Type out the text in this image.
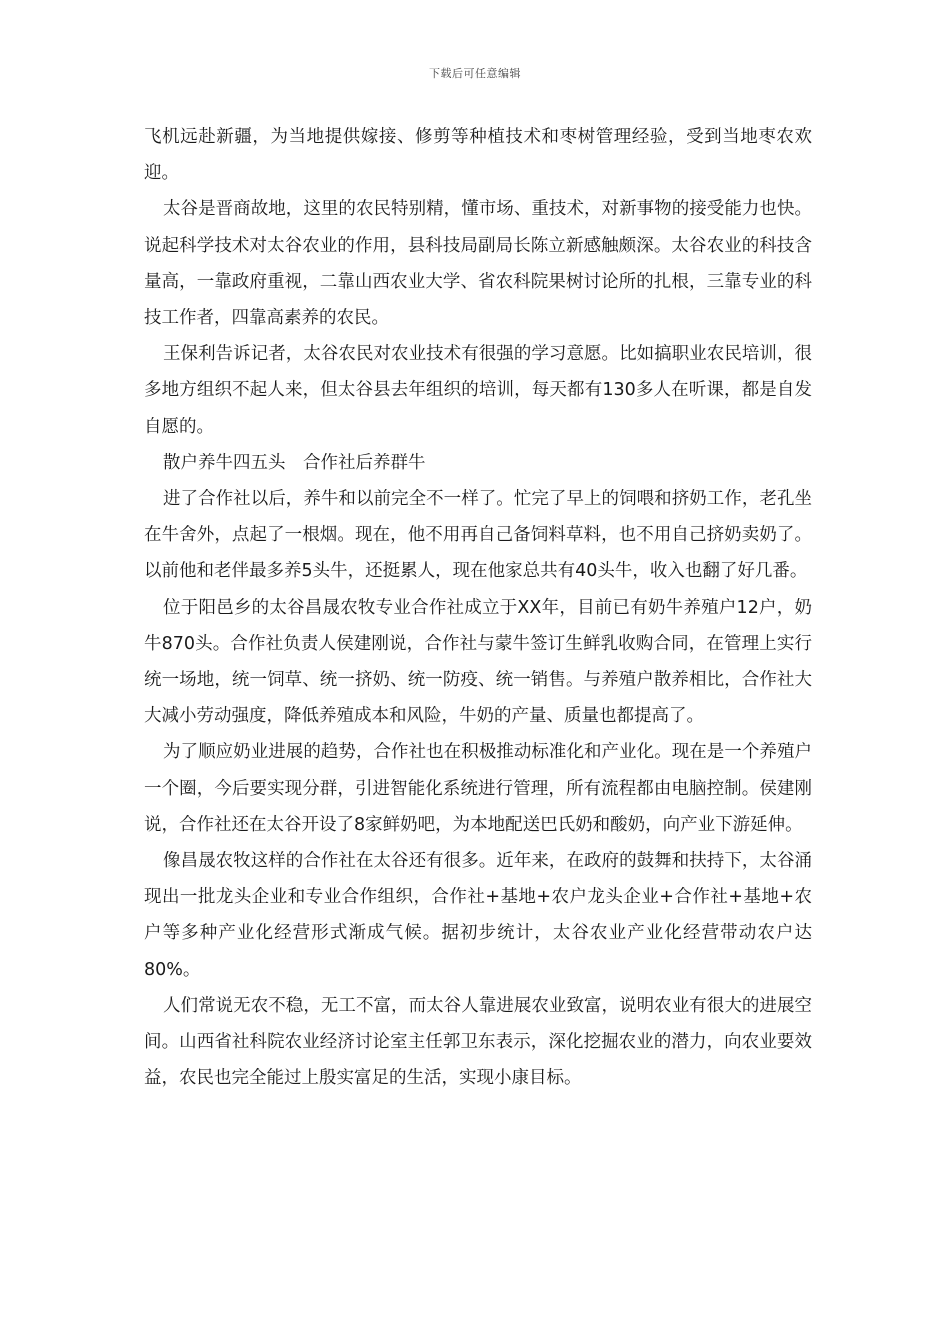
下载后可任意编辑

飞机远赴新疆，为当地提供嫁接、修剪等种植技术和枣树管理经验，受到当地枣农欢迎。

太谷是晋商故地，这里的农民特别精，懂市场、重技术，对新事物的接受能力也快。说起科学技术对太谷农业的作用，县科技局副局长陈立新感触颇深。太谷农业的科技含量高，一靠政府重视，二靠山西农业大学、省农科院果树讨论所的扎根，三靠专业的科技工作者，四靠高素养的农民。

王保利告诉记者，太谷农民对农业技术有很强的学习意愿。比如搞职业农民培训，很多地方组织不起人来，但太谷县去年组织的培训，每天都有130多人在听课，都是自发自愿的。

散户养牛四五头　合作社后养群牛

进了合作社以后，养牛和以前完全不一样了。忙完了早上的饲喂和挤奶工作，老孔坐在牛舍外，点起了一根烟。现在，他不用再自己备饲料草料，也不用自己挤奶卖奶了。以前他和老伴最多养5头牛，还挺累人，现在他家总共有40头牛，收入也翻了好几番。

位于阳邑乡的太谷昌晟农牧专业合作社成立于XX年，目前已有奶牛养殖户12户，奶牛870头。合作社负责人侯建刚说，合作社与蒙牛签订生鲜乳收购合同，在管理上实行统一场地，统一饲草、统一挤奶、统一防疫、统一销售。与养殖户散养相比，合作社大大减小劳动强度，降低养殖成本和风险，牛奶的产量、质量也都提高了。

为了顺应奶业进展的趋势，合作社也在积极推动标准化和产业化。现在是一个养殖户一个圈，今后要实现分群，引进智能化系统进行管理，所有流程都由电脑控制。侯建刚说，合作社还在太谷开设了8家鲜奶吧，为本地配送巴氏奶和酸奶，向产业下游延伸。

像昌晟农牧这样的合作社在太谷还有很多。近年来，在政府的鼓舞和扶持下，太谷涌现出一批龙头企业和专业合作组织，合作社+基地+农户龙头企业+合作社+基地+农户等多种产业化经营形式渐成气候。据初步统计，太谷农业产业化经营带动农户达80%。

人们常说无农不稳，无工不富，而太谷人靠进展农业致富，说明农业有很大的进展空间。山西省社科院农业经济讨论室主任郭卫东表示，深化挖掘农业的潜力，向农业要效益，农民也完全能过上殷实富足的生活，实现小康目标。
